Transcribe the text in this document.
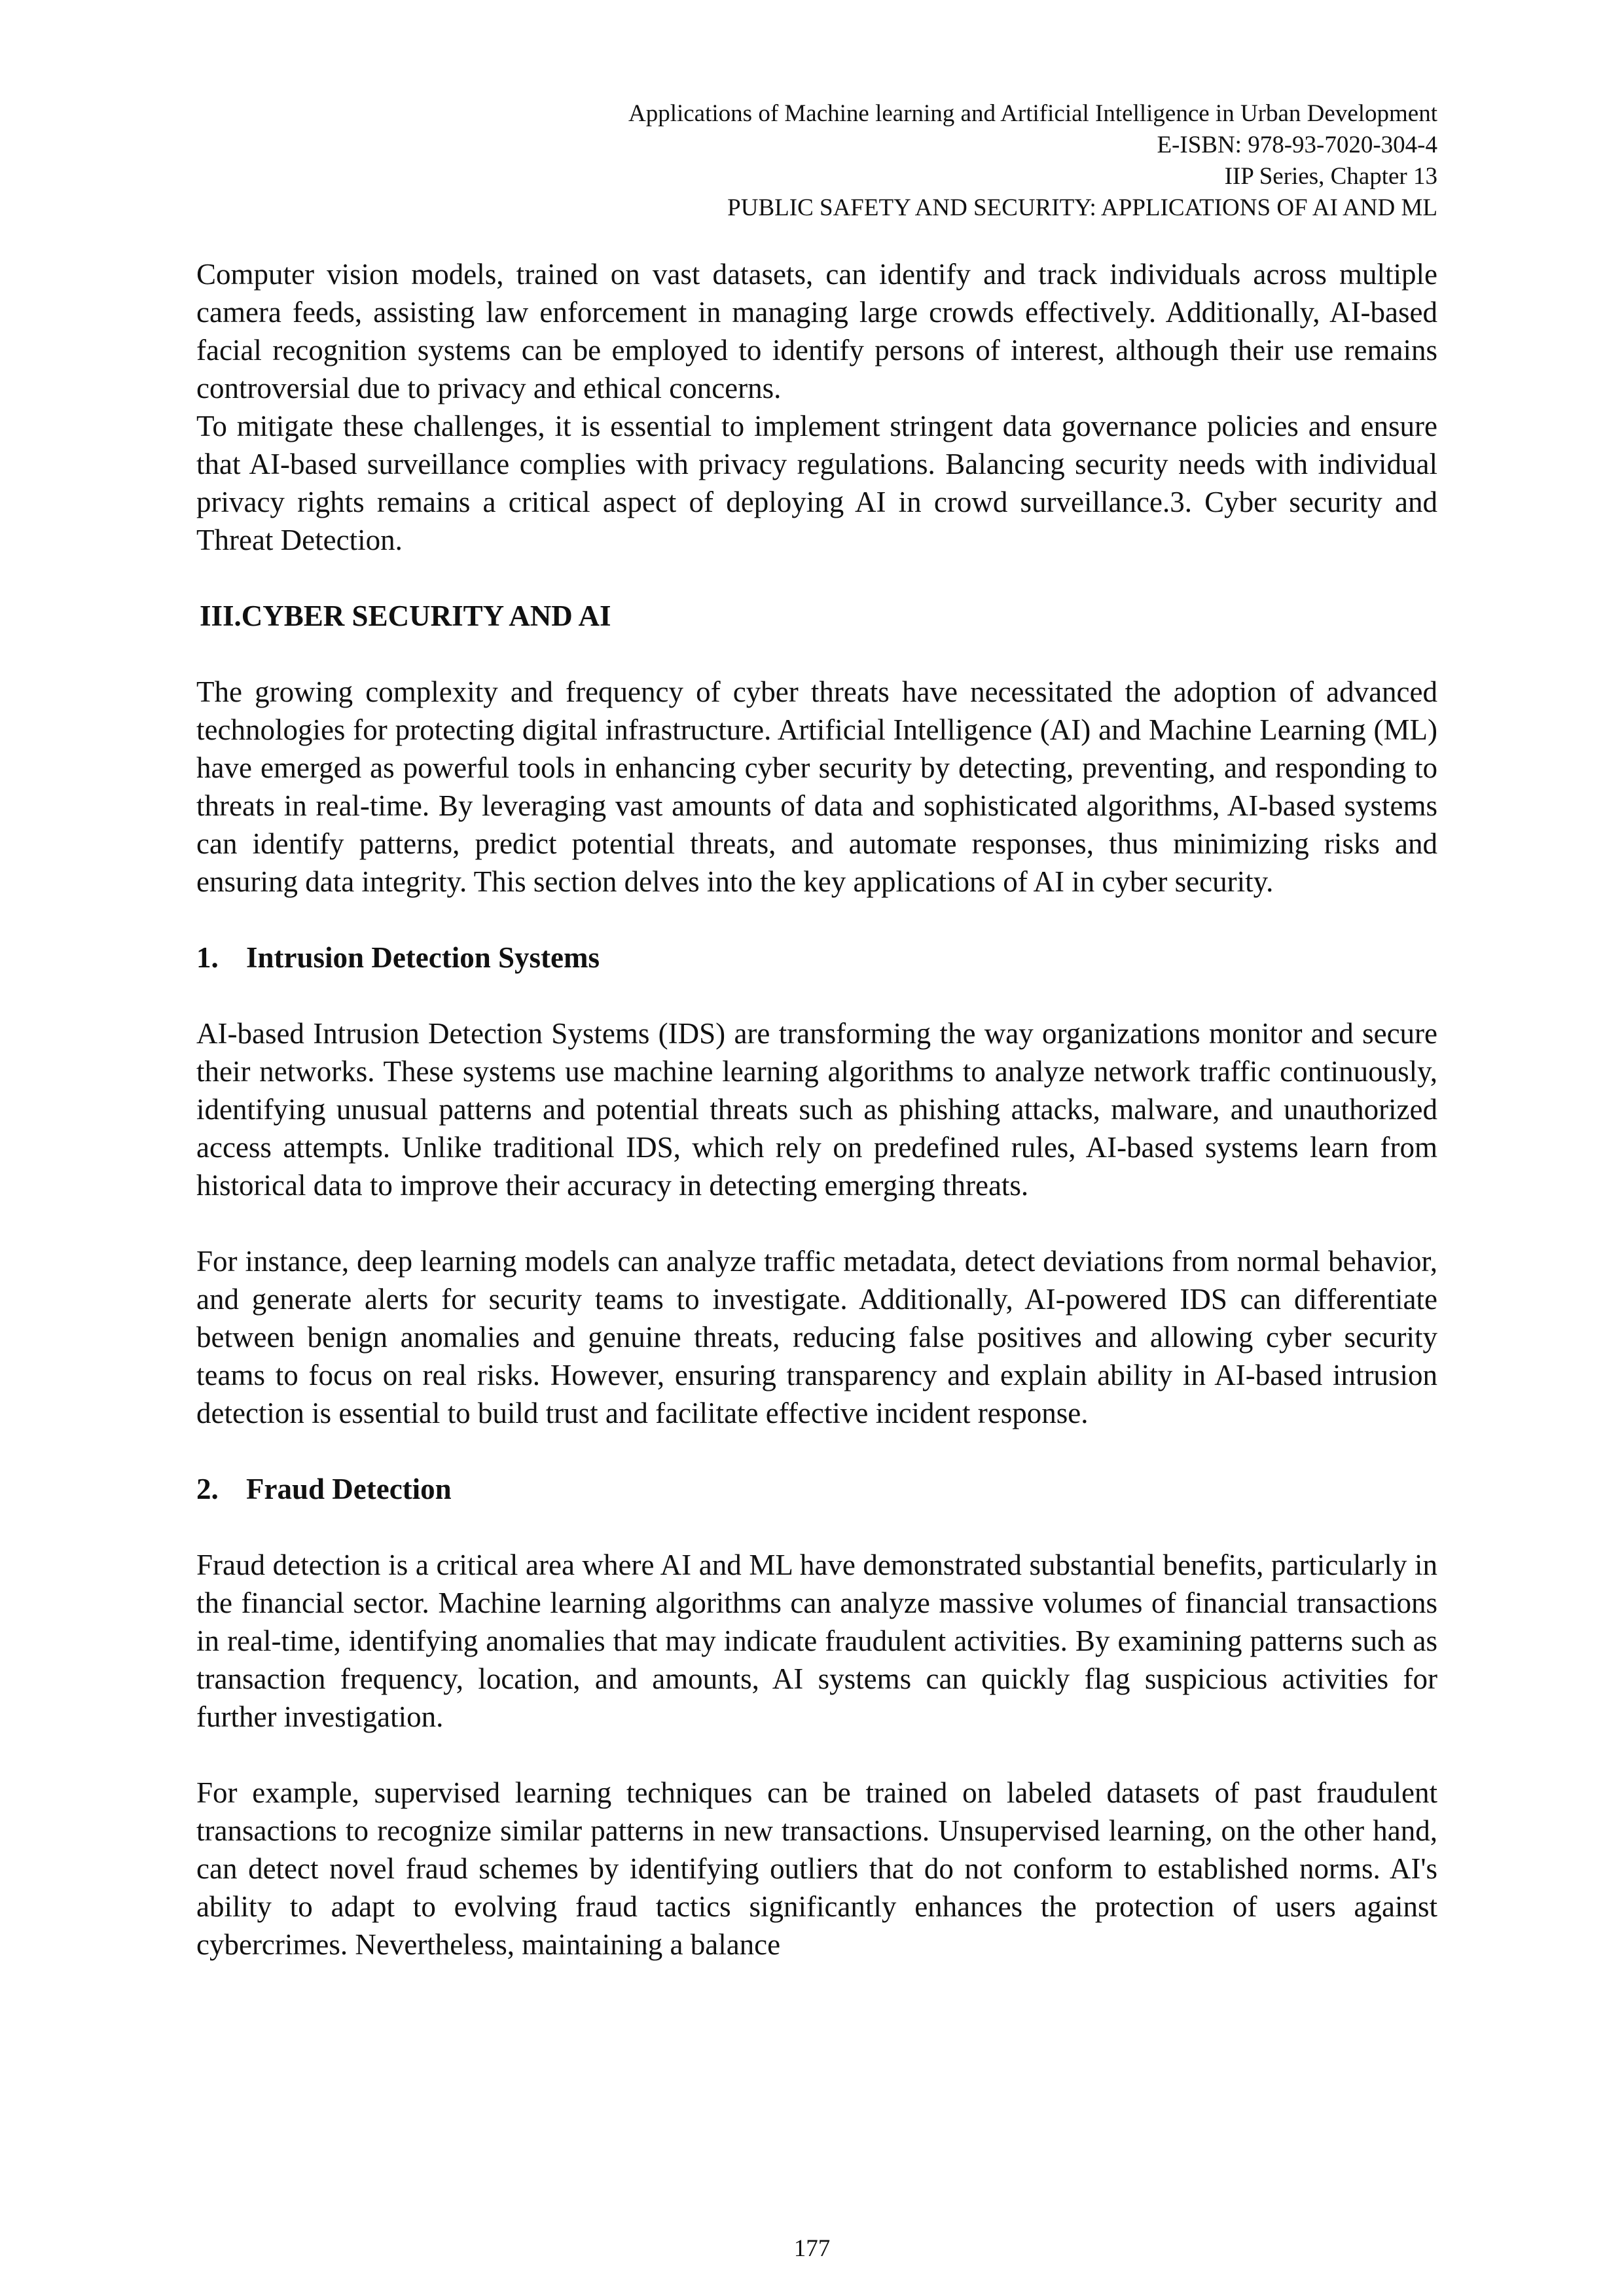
Applications of Machine learning and Artificial Intelligence in Urban Development
E-ISBN: 978-93-7020-304-4
IIP Series, Chapter 13
PUBLIC SAFETY AND SECURITY: APPLICATIONS OF AI AND ML

Computer vision models, trained on vast datasets, can identify and track individuals across multiple camera feeds, assisting law enforcement in managing large crowds effectively. Additionally, AI-based facial recognition systems can be employed to identify persons of interest, although their use remains controversial due to privacy and ethical concerns.

To mitigate these challenges, it is essential to implement stringent data governance policies and ensure that AI-based surveillance complies with privacy regulations. Balancing security needs with individual privacy rights remains a critical aspect of deploying AI in crowd surveillance.3. Cyber security and Threat Detection.

III.CYBER SECURITY AND AI

The growing complexity and frequency of cyber threats have necessitated the adoption of advanced technologies for protecting digital infrastructure. Artificial Intelligence (AI) and Machine Learning (ML) have emerged as powerful tools in enhancing cyber security by detecting, preventing, and responding to threats in real-time. By leveraging vast amounts of data and sophisticated algorithms, AI-based systems can identify patterns, predict potential threats, and automate responses, thus minimizing risks and ensuring data integrity. This section delves into the key applications of AI in cyber security.

1. Intrusion Detection Systems

AI-based Intrusion Detection Systems (IDS) are transforming the way organizations monitor and secure their networks. These systems use machine learning algorithms to analyze network traffic continuously, identifying unusual patterns and potential threats such as phishing attacks, malware, and unauthorized access attempts. Unlike traditional IDS, which rely on predefined rules, AI-based systems learn from historical data to improve their accuracy in detecting emerging threats.

For instance, deep learning models can analyze traffic metadata, detect deviations from normal behavior, and generate alerts for security teams to investigate. Additionally, AI-powered IDS can differentiate between benign anomalies and genuine threats, reducing false positives and allowing cyber security teams to focus on real risks. However, ensuring transparency and explain ability in AI-based intrusion detection is essential to build trust and facilitate effective incident response.

2. Fraud Detection

Fraud detection is a critical area where AI and ML have demonstrated substantial benefits, particularly in the financial sector. Machine learning algorithms can analyze massive volumes of financial transactions in real-time, identifying anomalies that may indicate fraudulent activities. By examining patterns such as transaction frequency, location, and amounts, AI systems can quickly flag suspicious activities for further investigation.

For example, supervised learning techniques can be trained on labeled datasets of past fraudulent transactions to recognize similar patterns in new transactions. Unsupervised learning, on the other hand, can detect novel fraud schemes by identifying outliers that do not conform to established norms. AI's ability to adapt to evolving fraud tactics significantly enhances the protection of users against cybercrimes. Nevertheless, maintaining a balance

177
